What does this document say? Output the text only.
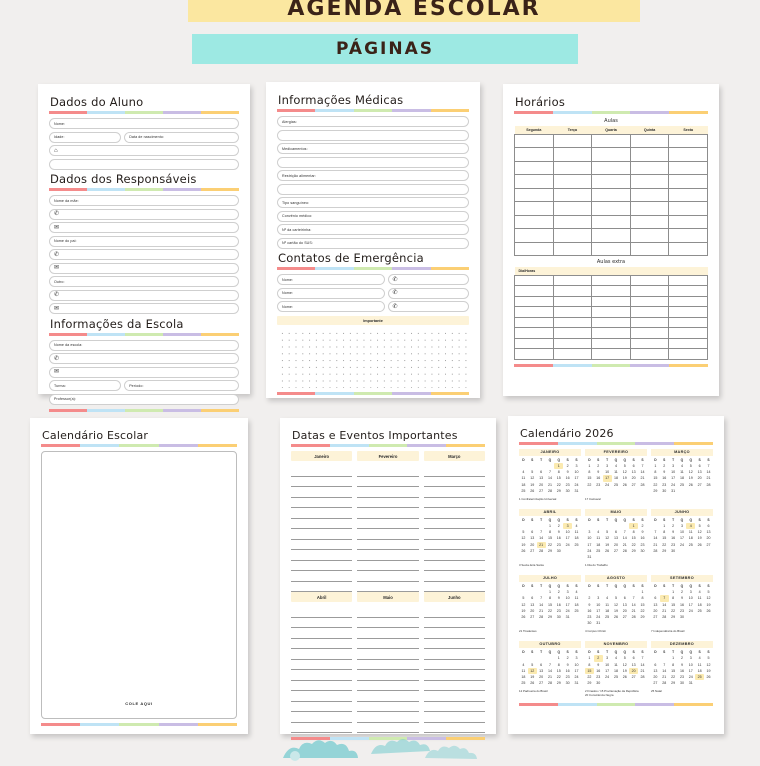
AGENDA ESCOLAR
PÁGINAS
Dados do Aluno
Nome:
Idade:	Data de nascimento:
⌂
Dados dos Responsáveis
Nome da mãe:
✆
✉
Nome do pai:
✆
✉
Outro:
✆
✉
Informações da Escola
Nome da escola:
✆
✉
Turma:	Período:
Professor(a):
Informações Médicas
Alergias:
Medicamentos:
Restrição alimentar:
Tipo sanguíneo:
Convênio médico:
Nº da carteirinha:
Nº cartão do SUS:
Contatos de Emergência
Nome:	✆
Nome:	✆
Nome:	✆
Importante
Horários
Aulas
Segunda	Terça	Quarta	Quinta	Sexta

Aulas extra
Dia/Horas				

Calendário Escolar
COLE AQUI
Datas e Eventos Importantes
Janeiro	Fevereiro	Março
Abril	Maio	Junho
Calendário 2026
JANEIRO
D	S	T	Q	Q	S	S
				1	2	3
4	5	6	7	8	9	10
11	12	13	14	15	16	17
18	19	20	21	22	23	24
25	26	27	28	29	30	31
FEVEREIRO
D	S	T	Q	Q	S	S
1	2	3	4	5	6	7
8	9	10	11	12	13	14
15	16	17	18	19	20	21
22	23	24	25	26	27	28

MARÇO
D	S	T	Q	Q	S	S
1	2	3	4	5	6	7
8	9	10	11	12	13	14
15	16	17	18	19	20	21
22	23	24	25	26	27	28
29	30	31				
1 Confraternização Universal	17 Carnaval
ABRIL
D	S	T	Q	Q	S	S
			1	2	3	4
5	6	7	8	9	10	11
12	13	14	15	16	17	18
19	20	21	22	23	24	25
26	27	28	29	30		
MAIO
D	S	T	Q	Q	S	S
					1	2
3	4	5	6	7	8	9
10	11	12	13	14	15	16
17	18	19	20	21	22	23
24	25	26	27	28	29	30
31						
JUNHO
D	S	T	Q	Q	S	S
	1	2	3	4	5	6
7	8	9	10	11	12	13
14	15	16	17	18	19	20
21	22	23	24	25	26	27
28	29	30				
3 Sexta-feira Santa	1 Dia do Trabalho
JULHO
D	S	T	Q	Q	S	S
			1	2	3	4
5	6	7	8	9	10	11
12	13	14	15	16	17	18
19	20	21	22	23	24	25
26	27	28	29	30	31	
AGOSTO
D	S	T	Q	Q	S	S
						1
2	3	4	5	6	7	8
9	10	11	12	13	14	15
16	17	18	19	20	21	22
23	24	25	26	27	28	29
30	31					
SETEMBRO
D	S	T	Q	Q	S	S
		1	2	3	4	5
6	7	8	9	10	11	12
13	14	15	16	17	18	19
20	21	22	23	24	25	26
27	28	29	30			
21 Tiradentes	4 Corpus Christi	7 Independência do Brasil
OUTUBRO
D	S	T	Q	Q	S	S
				1	2	3
4	5	6	7	8	9	10
11	12	13	14	15	16	17
18	19	20	21	22	23	24
25	26	27	28	29	30	31
NOVEMBRO
D	S	T	Q	Q	S	S
1	2	3	4	5	6	7
8	9	10	11	12	13	14
15	16	17	18	19	20	21
22	23	24	25	26	27	28
29	30					
DEZEMBRO
D	S	T	Q	Q	S	S
		1	2	3	4	5
6	7	8	9	10	11	12
13	14	15	16	17	18	19
20	21	22	23	24	25	26
27	28	29	30	31		
12 Padroeira do Brasil	2 Finados / 15 Proclamação da República
20 Consciência Negra
25 Natal
